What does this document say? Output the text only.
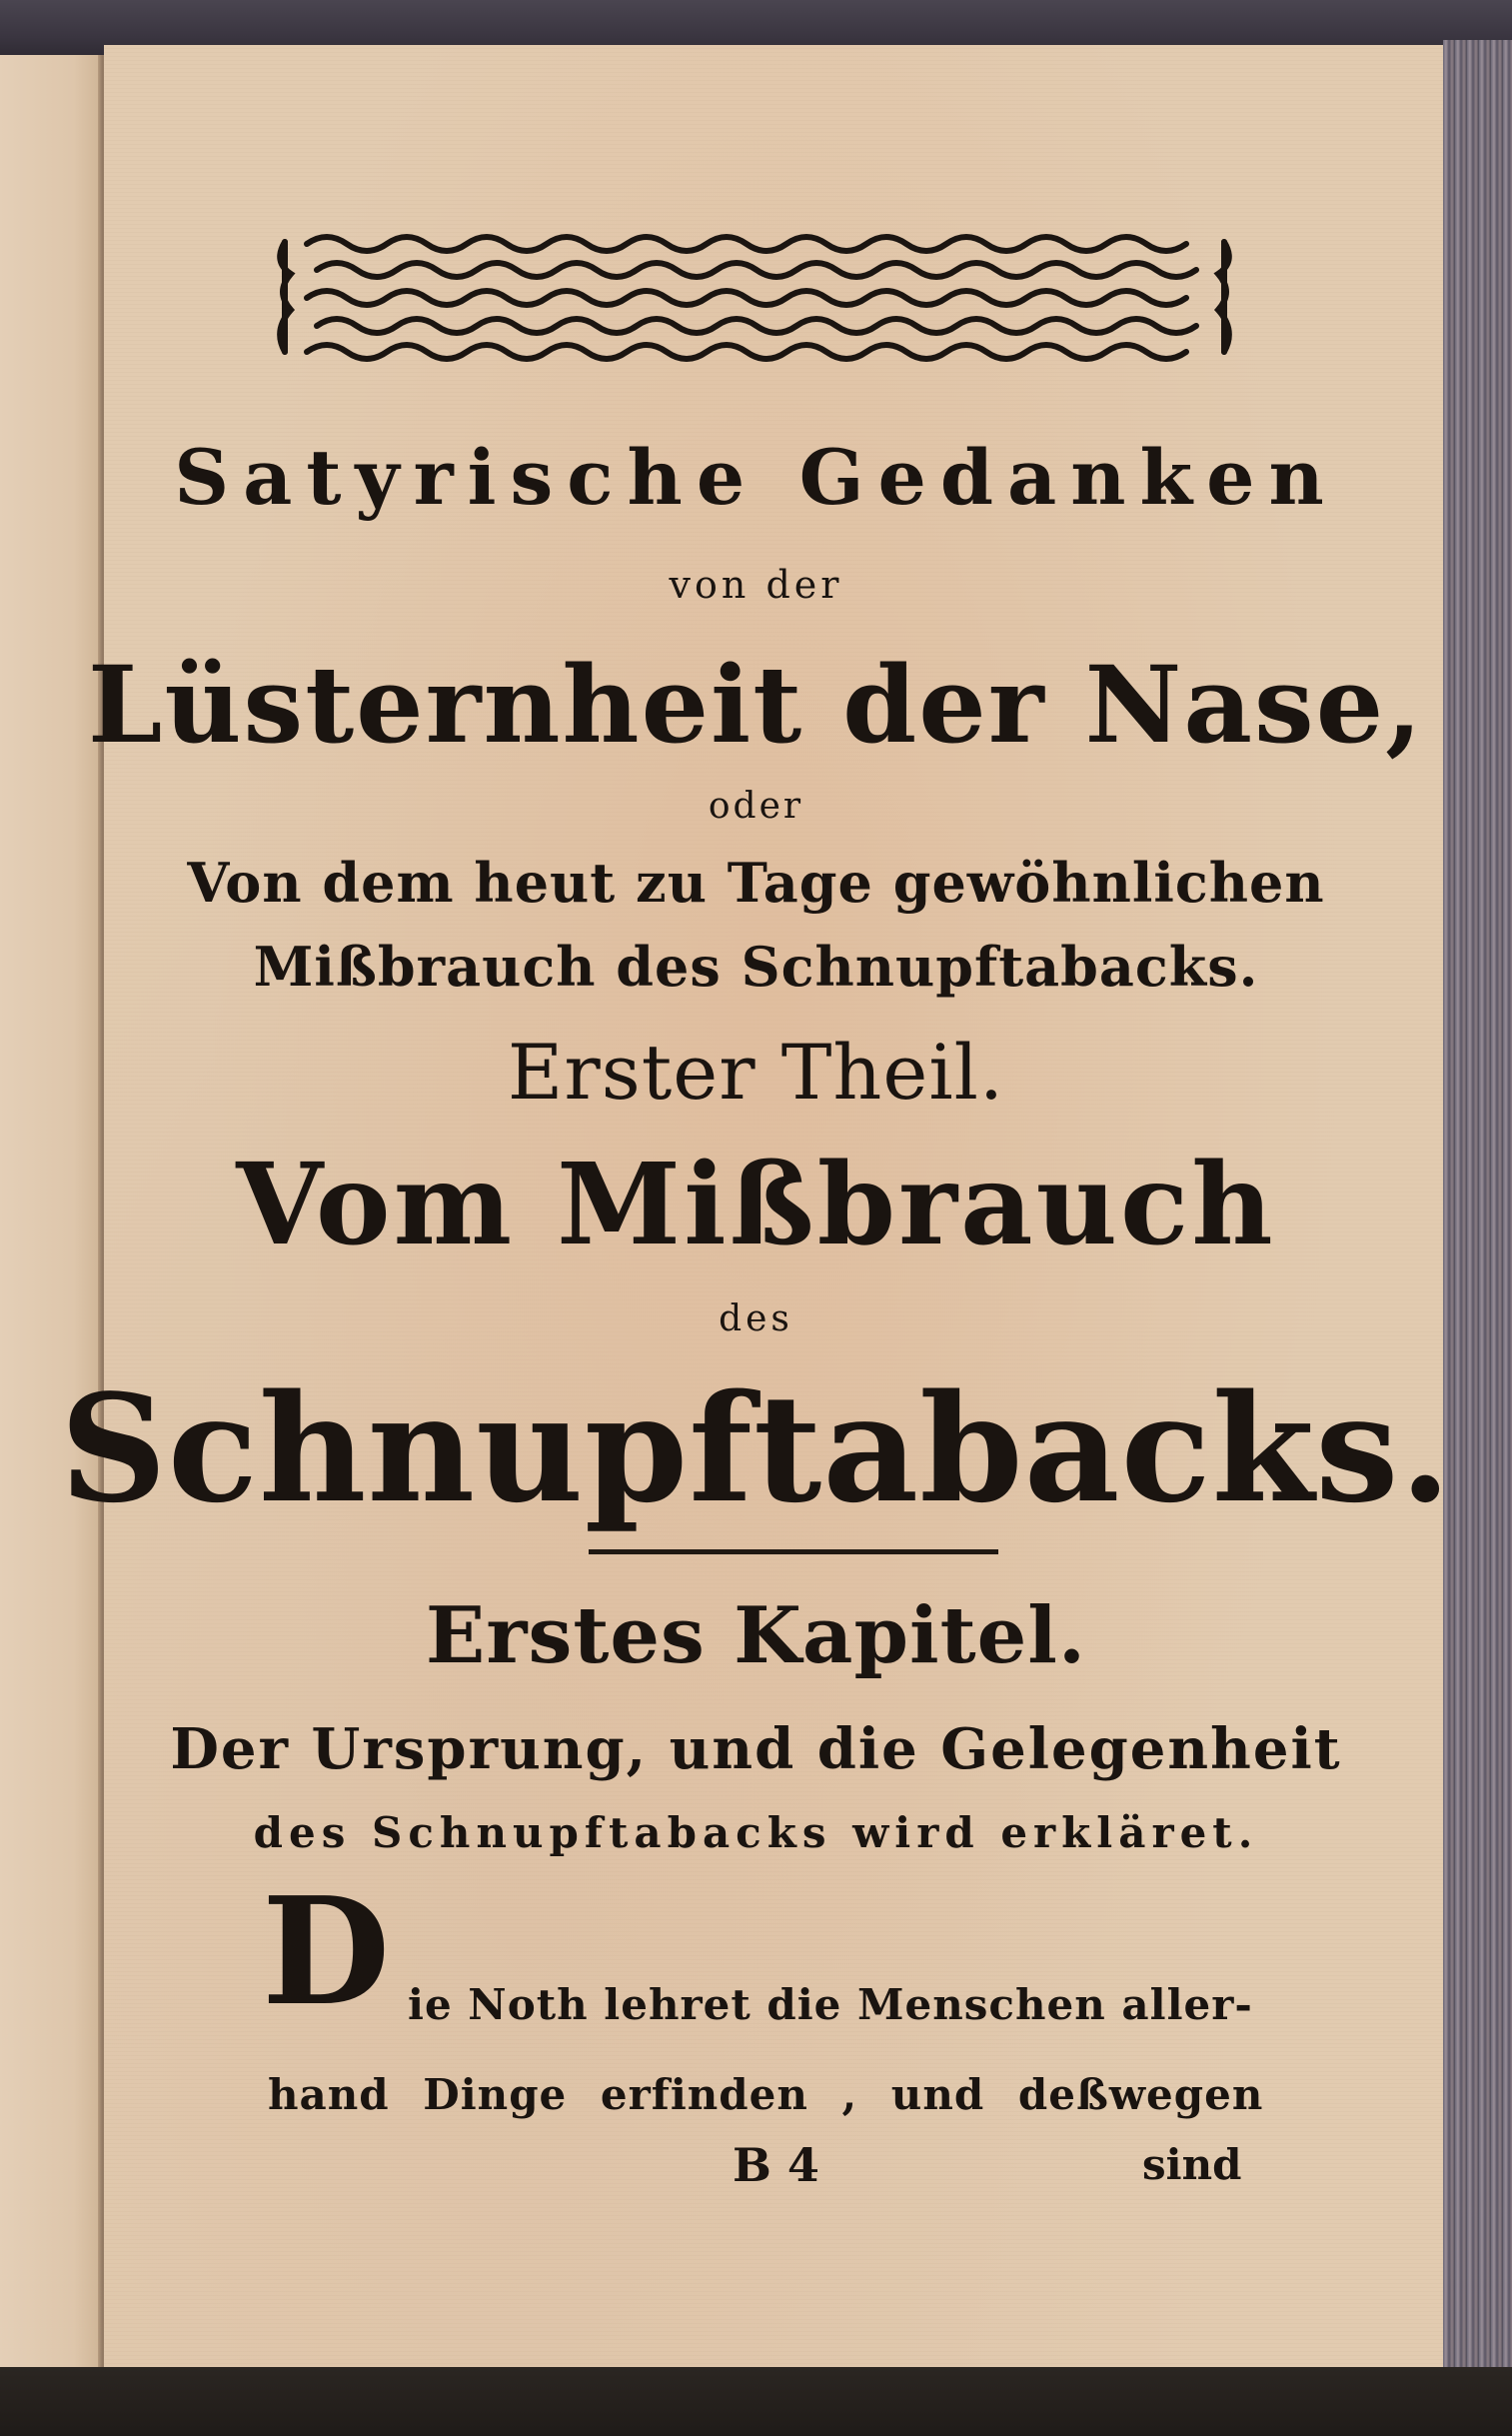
Satyrische Gedanken
von der
Lüsternheit der Nase,
oder
Von dem heut zu Tage gewöhnlichen
Mißbrauch des Schnupftabacks.
Erster Theil.
Vom Mißbrauch
des
Schnupftabacks.
Erstes Kapitel.
Der Ursprung, und die Gelegenheit
des Schnupftabacks wird erkläret.
D ie Noth lehret die Menschen aller-
hand Dinge erfinden , und deßwegen
B 4	sind
